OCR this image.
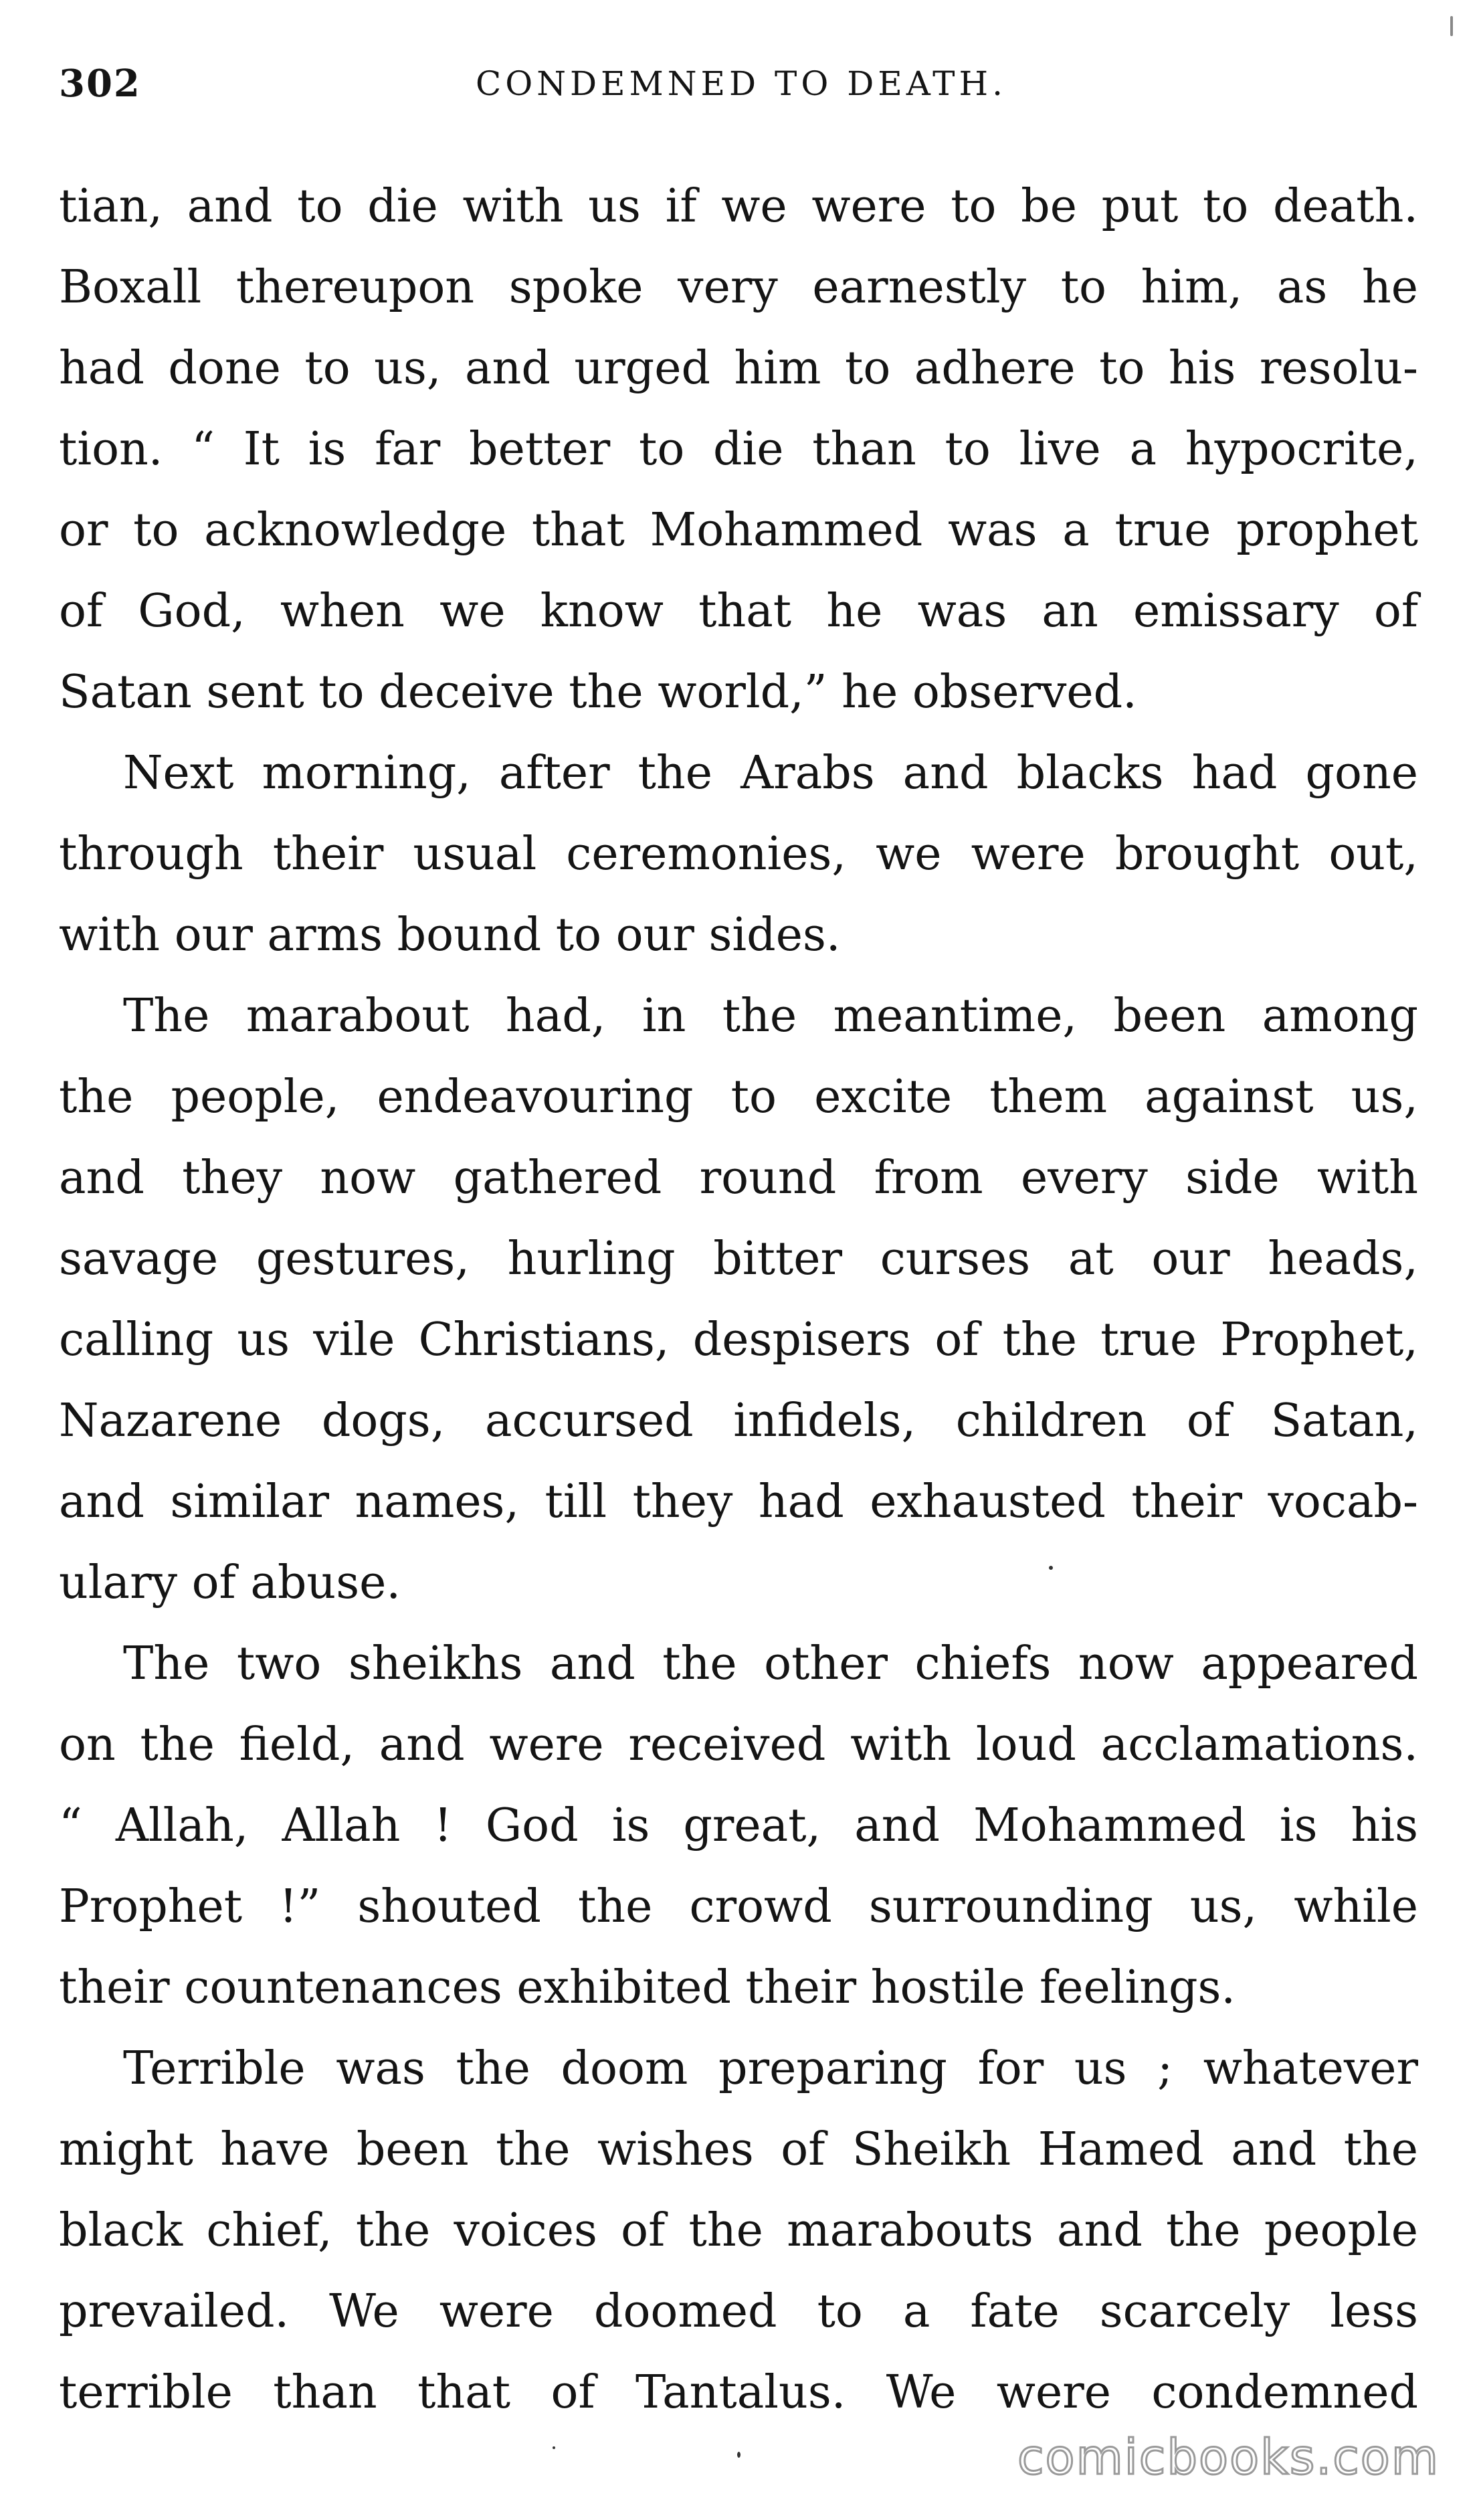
302	CONDEMNED TO DEATH.
tian, and to die with us if we were to be put to death.
Boxall thereupon spoke very earnestly to him, as he
had done to us, and urged him to adhere to his resolu-
tion. “ It is far better to die than to live a hypocrite,
or to acknowledge that Mohammed was a true prophet
of God, when we know that he was an emissary of
Satan sent to deceive the world,” he observed.
Next morning, after the Arabs and blacks had gone
through their usual ceremonies, we were brought out,
with our arms bound to our sides.
The marabout had, in the meantime, been among
the people, endeavouring to excite them against us,
and they now gathered round from every side with
savage gestures, hurling bitter curses at our heads,
calling us vile Christians, despisers of the true Prophet,
Nazarene dogs, accursed infidels, children of Satan,
and similar names, till they had exhausted their vocab-
ulary of abuse.
The two sheikhs and the other chiefs now appeared
on the field, and were received with loud acclamations.
“ Allah, Allah ! God is great, and Mohammed is his
Prophet !” shouted the crowd surrounding us, while
their countenances exhibited their hostile feelings.
Terrible was the doom preparing for us ; whatever
might have been the wishes of Sheikh Hamed and the
black chief, the voices of the marabouts and the people
prevailed. We were doomed to a fate scarcely less
terrible than that of Tantalus. We were condemned
comicbooks.com
